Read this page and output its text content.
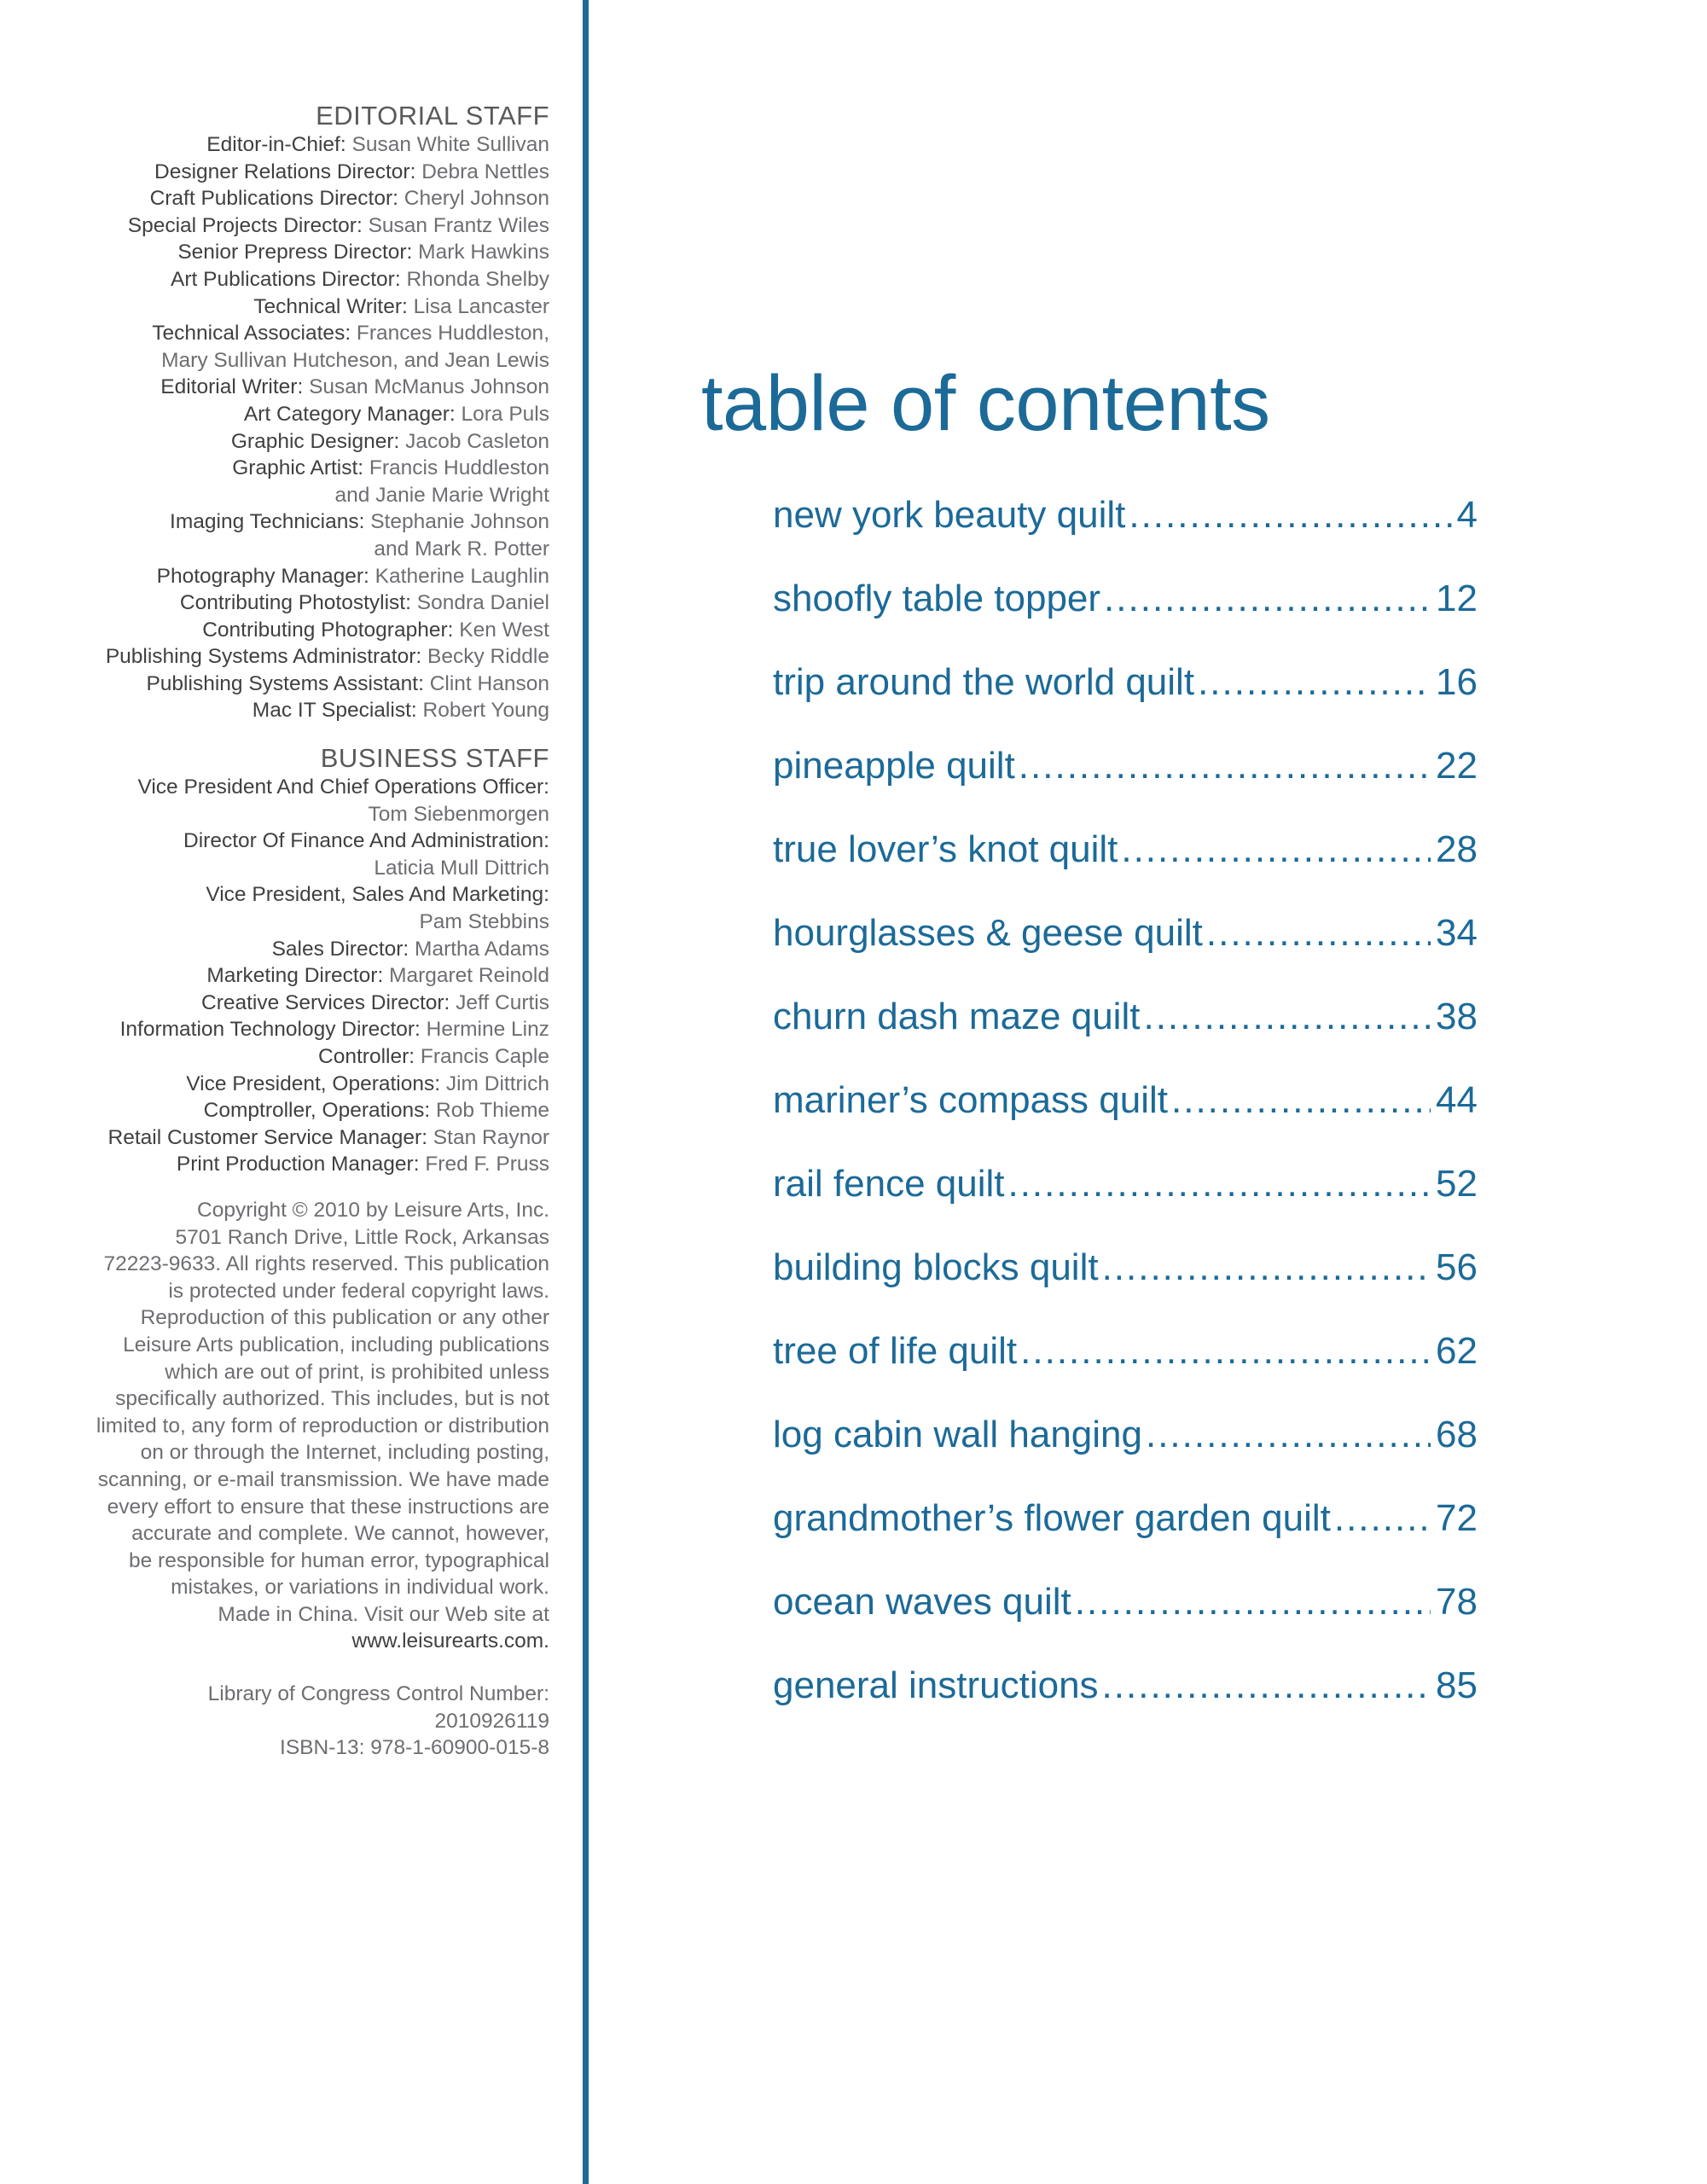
EDITORIAL STAFF
Editor-in-Chief: Susan White Sullivan
Designer Relations Director: Debra Nettles
Craft Publications Director: Cheryl Johnson
Special Projects Director: Susan Frantz Wiles
Senior Prepress Director: Mark Hawkins
Art Publications Director: Rhonda Shelby
Technical Writer: Lisa Lancaster
Technical Associates: Frances Huddleston,
Mary Sullivan Hutcheson, and Jean Lewis
Editorial Writer: Susan McManus Johnson
Art Category Manager: Lora Puls
Graphic Designer: Jacob Casleton
Graphic Artist: Francis Huddleston
and Janie Marie Wright
Imaging Technicians: Stephanie Johnson
and Mark R. Potter
Photography Manager: Katherine Laughlin
Contributing Photostylist: Sondra Daniel
Contributing Photographer: Ken West
Publishing Systems Administrator: Becky Riddle
Publishing Systems Assistant: Clint Hanson
Mac IT Specialist: Robert Young
BUSINESS STAFF
Vice President And Chief Operations Officer:
Tom Siebenmorgen
Director Of Finance And Administration:
Laticia Mull Dittrich
Vice President, Sales And Marketing:
Pam Stebbins
Sales Director: Martha Adams
Marketing Director: Margaret Reinold
Creative Services Director: Jeff Curtis
Information Technology Director: Hermine Linz
Controller: Francis Caple
Vice President, Operations: Jim Dittrich
Comptroller, Operations: Rob Thieme
Retail Customer Service Manager: Stan Raynor
Print Production Manager: Fred F. Pruss
Copyright © 2010 by Leisure Arts, Inc.
5701 Ranch Drive, Little Rock, Arkansas
72223-9633. All rights reserved. This publication
is protected under federal copyright laws.
Reproduction of this publication or any other
Leisure Arts publication, including publications
which are out of print, is prohibited unless
specifically authorized. This includes, but is not
limited to, any form of reproduction or distribution
on or through the Internet, including posting,
scanning, or e-mail transmission. We have made
every effort to ensure that these instructions are
accurate and complete. We cannot, however,
be responsible for human error, typographical
mistakes, or variations in individual work.
Made in China. Visit our Web site at
www.leisurearts.com.
Library of Congress Control Number:
2010926119
ISBN-13: 978-1-60900-015-8
table of contents
new york beauty quilt .....	4
shoofly table topper .....	12
trip around the world quilt .....	16
pineapple quilt .....	22
true lover’s knot quilt .....	28
hourglasses & geese quilt .....	34
churn dash maze quilt .....	38
mariner’s compass quilt .....	44
rail fence quilt .....	52
building blocks quilt .....	56
tree of life quilt .....	62
log cabin wall hanging .....	68
grandmother’s flower garden quilt .....	72
ocean waves quilt .....	78
general instructions .....	85
